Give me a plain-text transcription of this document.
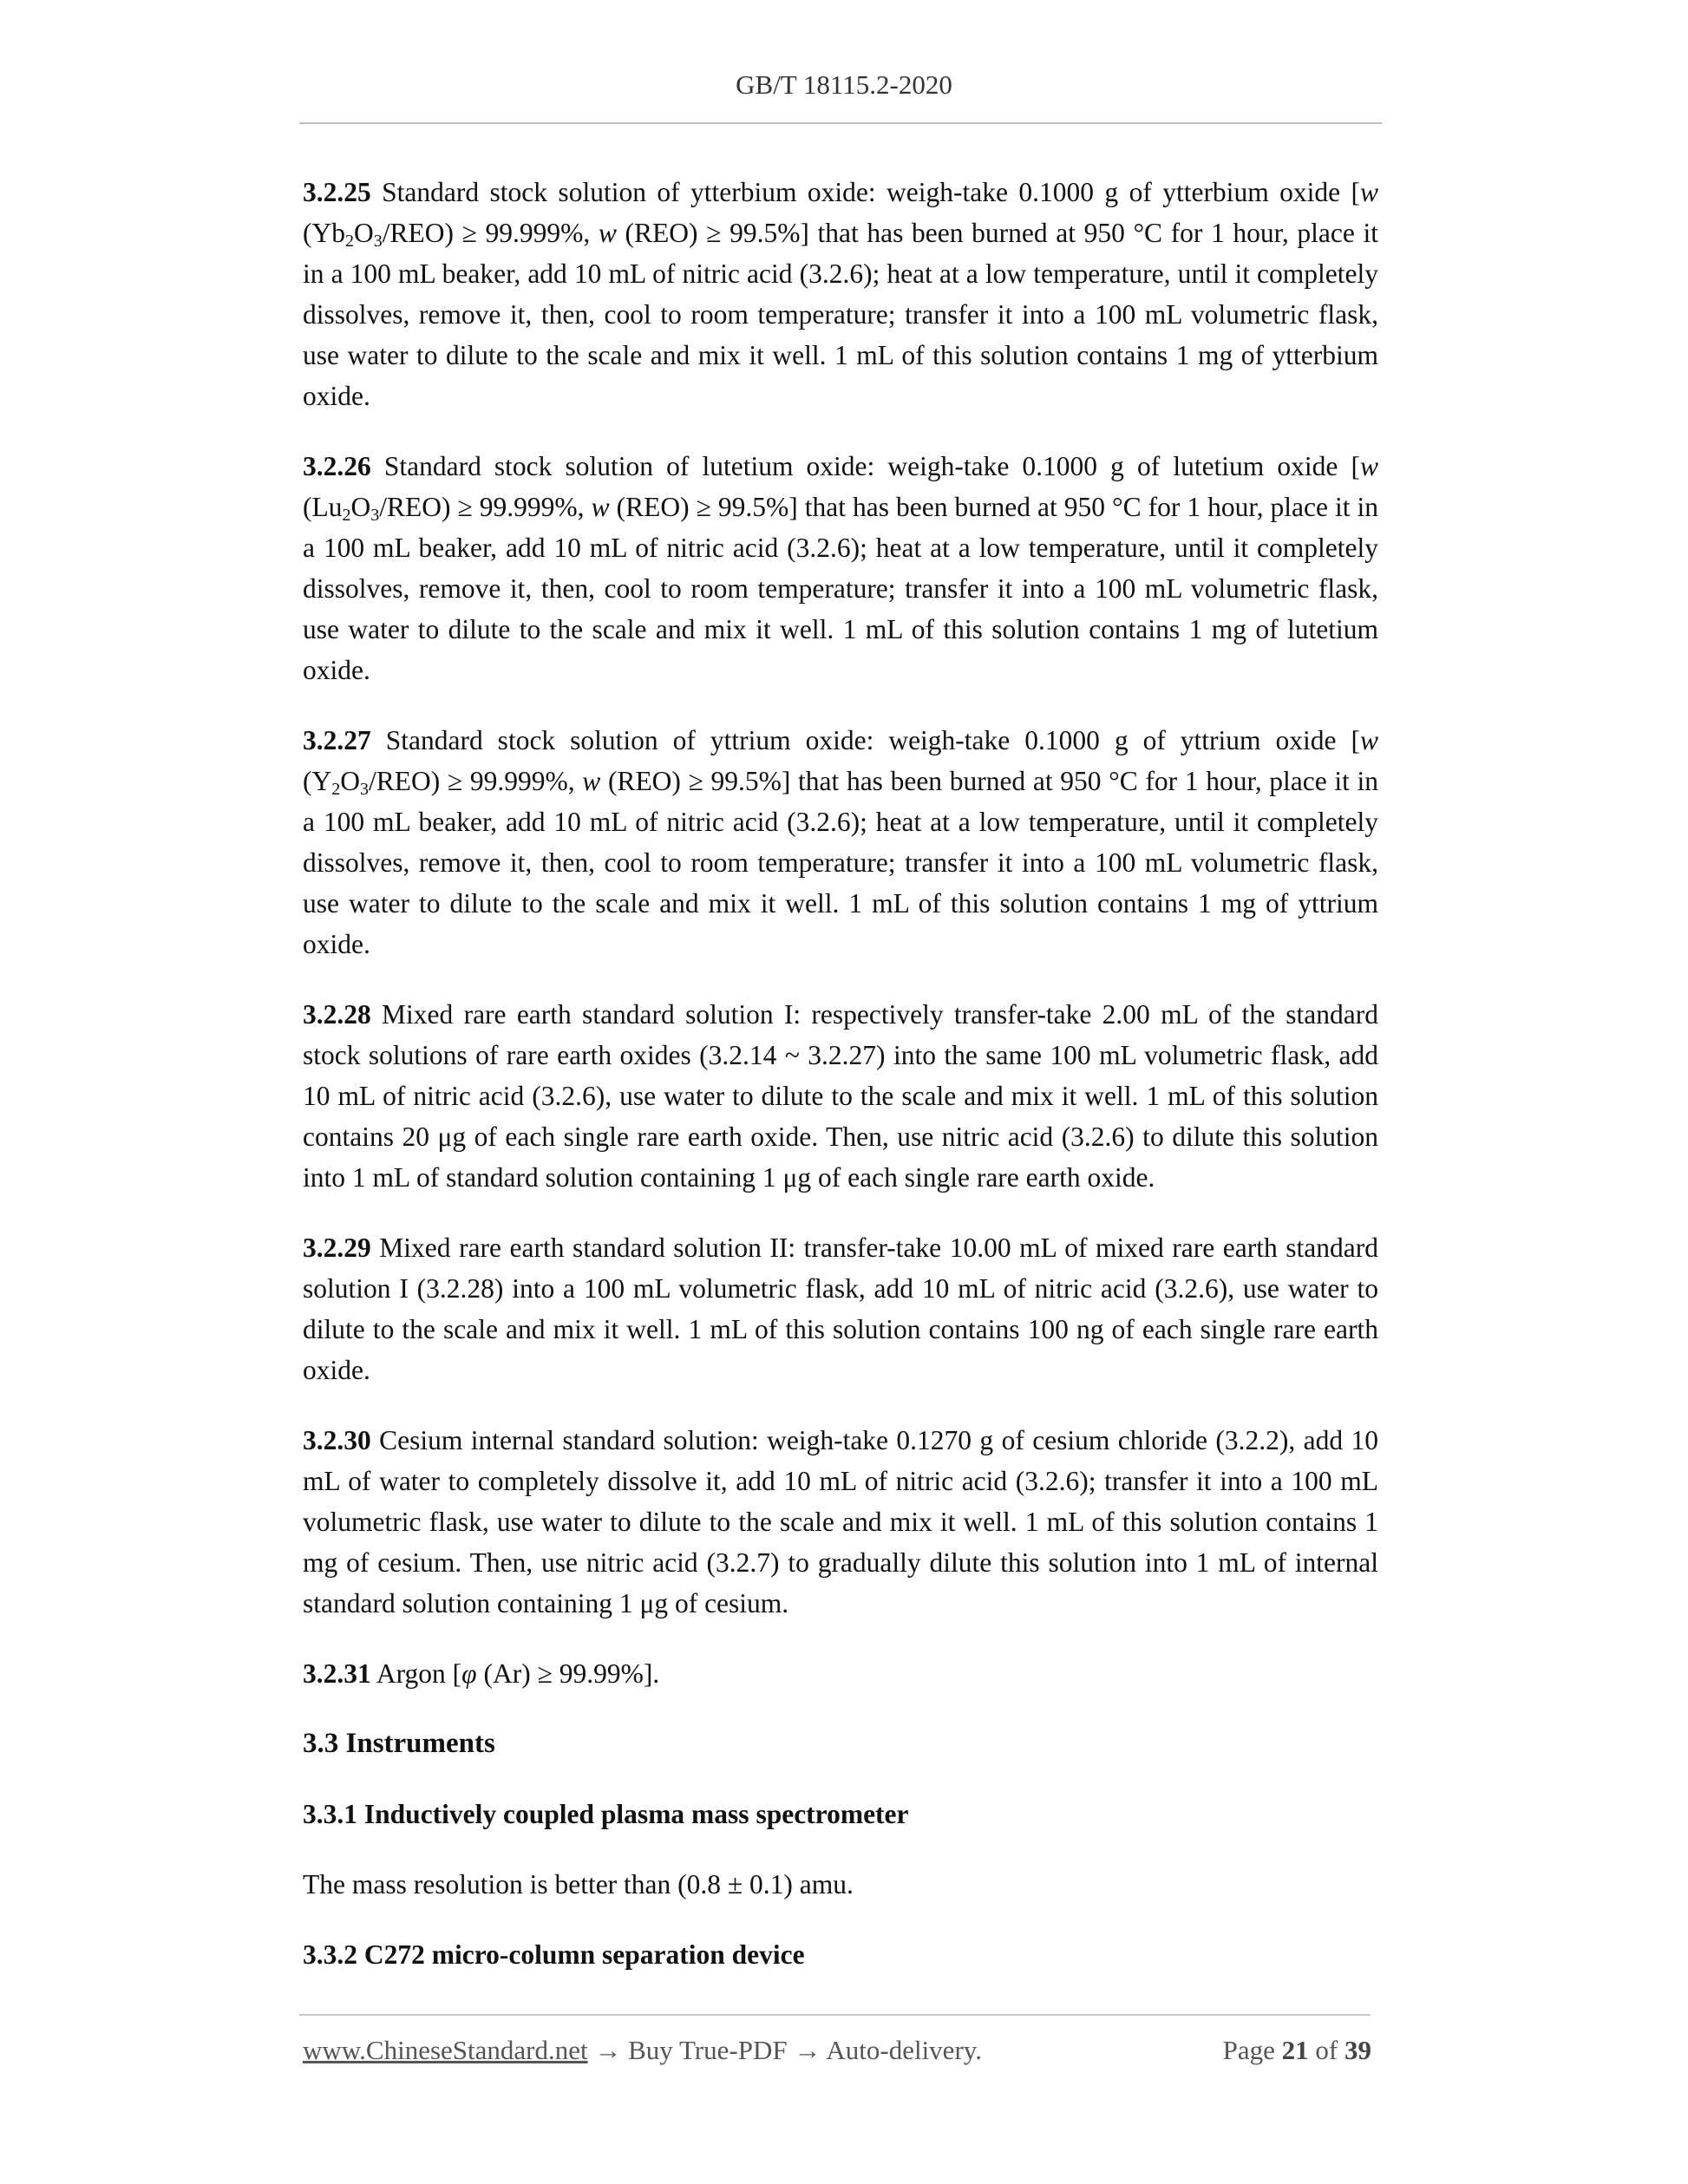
GB/T 18115.2-2020

3.2.25 Standard stock solution of ytterbium oxide: weigh-take 0.1000 g of ytterbium oxide [w $(Yb_2O_3/REO) \ge 99.999\%$, w (REO) ≥ 99.5%] that has been burned at 950 °C for 1 hour, place it in a 100 mL beaker, add 10 mL of nitric acid (3.2.6); heat at a low temperature, until it completely dissolves, remove it, then, cool to room temperature; transfer it into a 100 mL volumetric flask, use water to dilute to the scale and mix it well. 1 mL of this solution contains 1 mg of ytterbium oxide.

3.2.26 Standard stock solution of lutetium oxide: weigh-take 0.1000 g of lutetium oxide [w $(Lu_2O_3/REO) \ge 99.999\%$, w (REO) ≥ 99.5%] that has been burned at 950 °C for 1 hour, place it in a 100 mL beaker, add 10 mL of nitric acid (3.2.6); heat at a low temperature, until it completely dissolves, remove it, then, cool to room temperature; transfer it into a 100 mL volumetric flask, use water to dilute to the scale and mix it well. 1 mL of this solution contains 1 mg of lutetium oxide.

3.2.27 Standard stock solution of yttrium oxide: weigh-take 0.1000 g of yttrium oxide [w $(Y_2O_3/REO) \ge 99.999\%$, w (REO) ≥ 99.5%] that has been burned at 950 °C for 1 hour, place it in a 100 mL beaker, add 10 mL of nitric acid (3.2.6); heat at a low temperature, until it completely dissolves, remove it, then, cool to room temperature; transfer it into a 100 mL volumetric flask, use water to dilute to the scale and mix it well. 1 mL of this solution contains 1 mg of yttrium oxide.

3.2.28 Mixed rare earth standard solution I: respectively transfer-take 2.00 mL of the standard stock solutions of rare earth oxides (3.2.14 ~ 3.2.27) into the same 100 mL volumetric flask, add 10 mL of nitric acid (3.2.6), use water to dilute to the scale and mix it well. 1 mL of this solution contains 20 μg of each single rare earth oxide. Then, use nitric acid (3.2.6) to dilute this solution into 1 mL of standard solution containing 1 μg of each single rare earth oxide.

3.2.29 Mixed rare earth standard solution II: transfer-take 10.00 mL of mixed rare earth standard solution I (3.2.28) into a 100 mL volumetric flask, add 10 mL of nitric acid (3.2.6), use water to dilute to the scale and mix it well. 1 mL of this solution contains 100 ng of each single rare earth oxide.

3.2.30 Cesium internal standard solution: weigh-take 0.1270 g of cesium chloride (3.2.2), add 10 mL of water to completely dissolve it, add 10 mL of nitric acid (3.2.6); transfer it into a 100 mL volumetric flask, use water to dilute to the scale and mix it well. 1 mL of this solution contains 1 mg of cesium. Then, use nitric acid (3.2.7) to gradually dilute this solution into 1 mL of internal standard solution containing 1 μg of cesium.

3.2.31 Argon [φ (Ar) ≥ 99.99%].

3.3 Instruments

3.3.1 Inductively coupled plasma mass spectrometer

The mass resolution is better than (0.8 ± 0.1) amu.

3.3.2 C272 micro-column separation device

www.ChineseStandard.net → Buy True-PDF → Auto-delivery.	Page 21 of 39
